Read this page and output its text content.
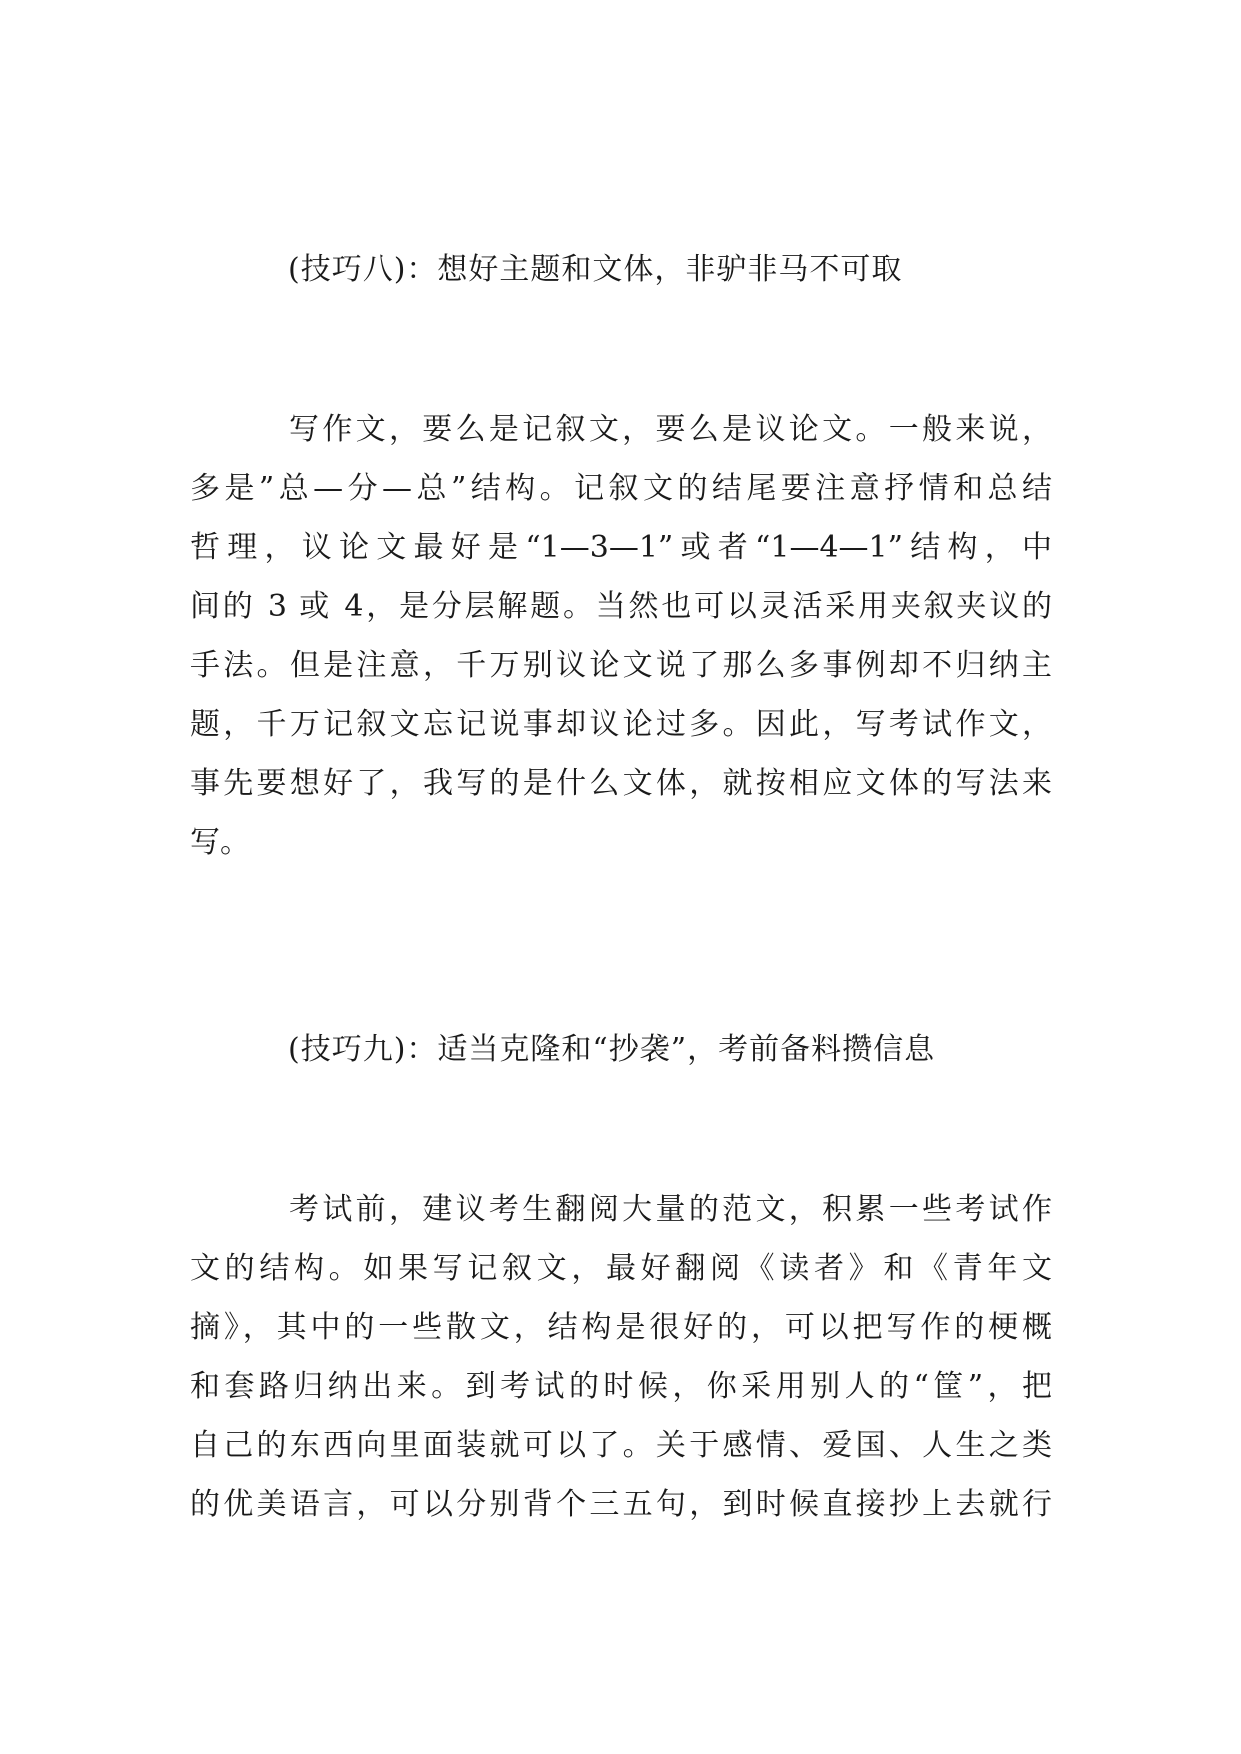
(技巧八)：想好主题和文体，非驴非马不可取
写作文，要么是记叙文，要么是议论文。一般来说，
多是”总—分—总”结构。记叙文的结尾要注意抒情和总结
哲理，议论文最好是“1—3—1”或者“1—4—1”结构，中
间的 3 或 4，是分层解题。当然也可以灵活采用夹叙夹议的
手法。但是注意，千万别议论文说了那么多事例却不归纳主
题，千万记叙文忘记说事却议论过多。因此，写考试作文，
事先要想好了，我写的是什么文体，就按相应文体的写法来
写。
(技巧九)：适当克隆和“抄袭”，考前备料攒信息
考试前，建议考生翻阅大量的范文，积累一些考试作
文的结构。如果写记叙文，最好翻阅《读者》和《青年文
摘》，其中的一些散文，结构是很好的，可以把写作的梗概
和套路归纳出来。到考试的时候，你采用别人的“筐”，把
自己的东西向里面装就可以了。关于感情、爱国、人生之类
的优美语言，可以分别背个三五句，到时候直接抄上去就行
